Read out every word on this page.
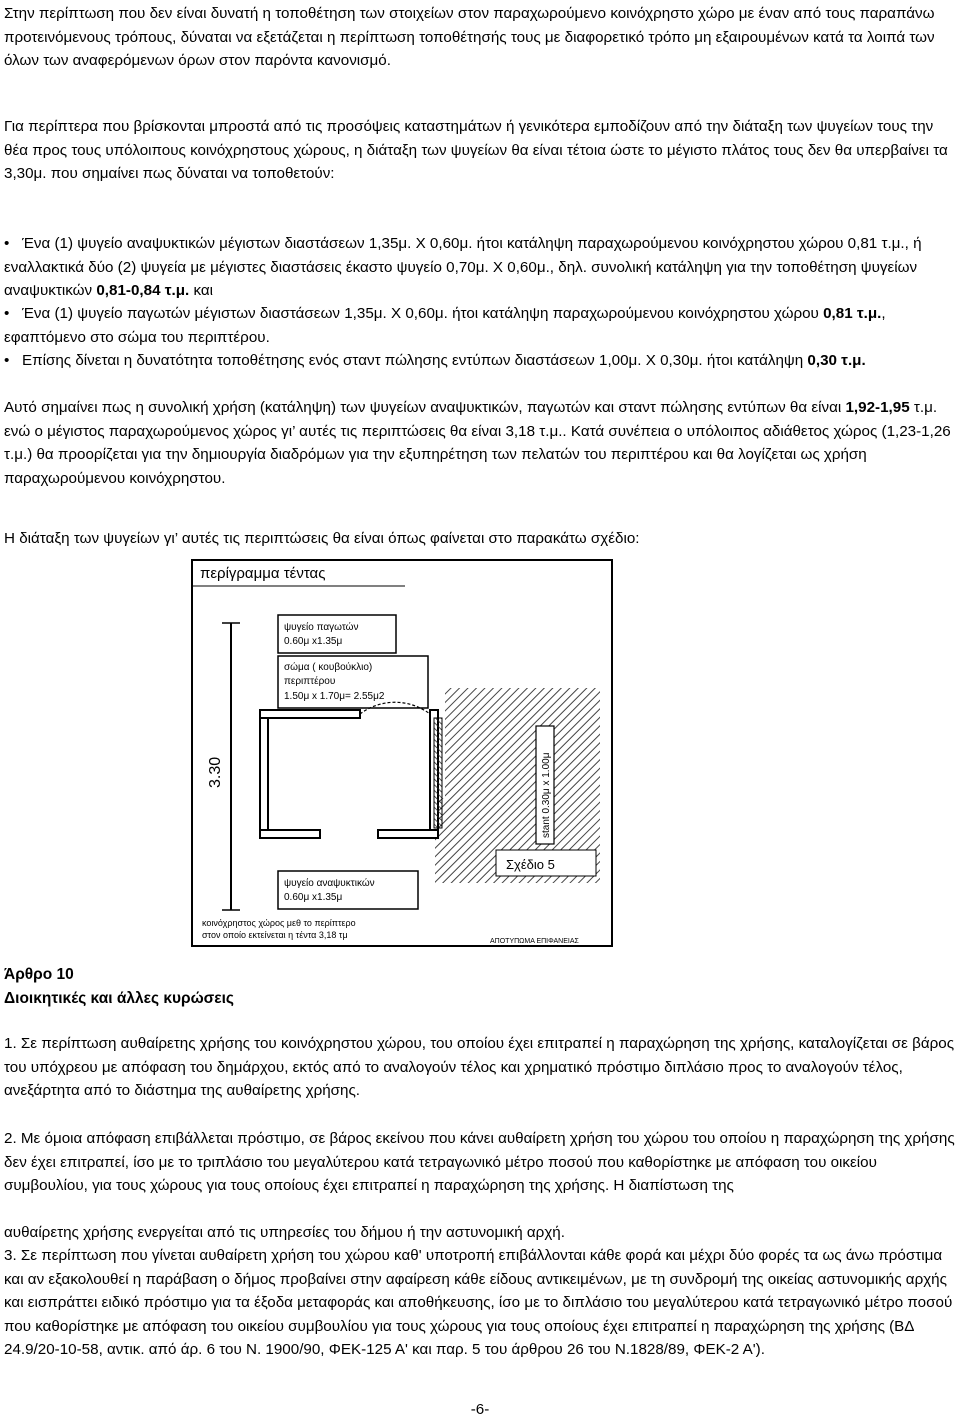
Στην περίπτωση που δεν είναι δυνατή η τοποθέτηση των στοιχείων στον παραχωρούμενο κοινόχρηστο χώρο με έναν από τους παραπάνω προτεινόμενους τρόπους, δύναται να εξετάζεται η περίπτωση τοποθέτησής τους με διαφορετικό τρόπο μη εξαιρουμένων κατά τα λοιπά των όλων των αναφερόμενων όρων στον παρόντα κανονισμό.

Για περίπτερα που βρίσκονται μπροστά από τις προσόψεις καταστημάτων ή γενικότερα εμποδίζουν από την διάταξη των ψυγείων τους την θέα προς τους υπόλοιπους κοινόχρηστους χώρους, η διάταξη των ψυγείων θα είναι τέτοια ώστε το μέγιστο πλάτος τους δεν θα υπερβαίνει τα 3,30μ. που σημαίνει πως δύναται να τοποθετούν:

• Ένα (1) ψυγείο αναψυκτικών μέγιστων διαστάσεων 1,35μ. Χ 0,60μ. ήτοι κατάληψη παραχωρούμενου κοινόχρηστου χώρου 0,81 τ.μ., ή εναλλακτικά δύο (2) ψυγεία με μέγιστες διαστάσεις έκαστο ψυγείο 0,70μ. Χ 0,60μ., δηλ. συνολική κατάληψη για την τοποθέτηση ψυγείων αναψυκτικών 0,81-0,84 τ.μ. και
• Ένα (1) ψυγείο παγωτών μέγιστων διαστάσεων 1,35μ. Χ 0,60μ. ήτοι κατάληψη παραχωρούμενου κοινόχρηστου χώρου 0,81 τ.μ., εφαπτόμενο στο σώμα του περιπτέρου.
• Επίσης δίνεται η δυνατότητα τοποθέτησης ενός σταντ πώλησης εντύπων διαστάσεων 1,00μ. Χ 0,30μ. ήτοι κατάληψη 0,30 τ.μ.

Αυτό σημαίνει πως η συνολική χρήση (κατάληψη) των ψυγείων αναψυκτικών, παγωτών και σταντ πώλησης εντύπων θα είναι 1,92-1,95 τ.μ. ενώ ο μέγιστος παραχωρούμενος χώρος γι’ αυτές τις περιπτώσεις θα είναι 3,18 τ.μ.. Κατά συνέπεια ο υπόλοιπος αδιάθετος χώρος (1,23-1,26 τ.μ.) θα προορίζεται για την δημιουργία διαδρόμων για την εξυπηρέτηση των πελατών του περιπτέρου και θα λογίζεται ως χρήση παραχωρούμενου κοινόχρηστου.

Η διάταξη των ψυγείων γι’ αυτές τις περιπτώσεις θα είναι όπως φαίνεται στο παρακάτω σχέδιο:

περίγραμμα τέντας
3.30
ψυγείο παγωτών
0.60μ x1.35μ
σώμα ( κουβούκλιο)
περιπτέρου
1.50μ x 1.70μ= 2.55μ2
stant 0.30μ x 1.00μ
Σχέδιο 5
ψυγείο αναψυκτικών
0.60μ x1.35μ
κοινόχρηστος χώρος μεθ το περίπτερο
στον οποίο εκτείνεται η τέντα 3,18 τμ
ΑΠΟΤΥΠΩΜΑ ΕΠΙΦΑΝΕΙΑΣ
Άρθρο 10
Διοικητικές και άλλες κυρώσεις

1. Σε περίπτωση αυθαίρετης χρήσης του κοινόχρηστου χώρου, του οποίου έχει επιτραπεί η παραχώρηση της χρήσης, καταλογίζεται σε βάρος του υπόχρεου με απόφαση του δημάρχου, εκτός από το αναλογούν τέλος και χρηματικό πρόστιμο διπλάσιο προς το αναλογούν τέλος, ανεξάρτητα από το διάστημα της αυθαίρετης χρήσης.

2. Με όμοια απόφαση επιβάλλεται πρόστιμο, σε βάρος εκείνου που κάνει αυθαίρετη χρήση του χώρου του οποίου η παραχώρηση της χρήσης δεν έχει επιτραπεί, ίσο με το τριπλάσιο του μεγαλύτερου κατά τετραγωνικό μέτρο ποσού που καθορίστηκε με απόφαση του οικείου συμβουλίου, για τους χώρους για τους οποίους έχει επιτραπεί η παραχώρηση της χρήσης. Η διαπίστωση της

αυθαίρετης χρήσης ενεργείται από τις υπηρεσίες του δήμου ή την αστυνομική αρχή.

3. Σε περίπτωση που γίνεται αυθαίρετη χρήση του χώρου καθ' υποτροπή επιβάλλονται κάθε φορά και μέχρι δύο φορές τα ως άνω πρόστιμα και αν εξακολουθεί η παράβαση ο δήμος προβαίνει στην αφαίρεση κάθε είδους αντικειμένων, με τη συνδρομή της οικείας αστυνομικής αρχής και εισπράττει ειδικό πρόστιμο για τα έξοδα μεταφοράς και αποθήκευσης, ίσο με το διπλάσιο του μεγαλύτερου κατά τετραγωνικό μέτρο ποσού που καθορίστηκε με απόφαση του οικείου συμβουλίου για τους χώρους για τους οποίους έχει επιτραπεί η παραχώρηση της χρήσης (ΒΔ 24.9/20-10-58, αντικ. από άρ. 6 του Ν. 1900/90, ΦΕΚ-125 Α' και παρ. 5 του άρθρου 26 του Ν.1828/89, ΦΕΚ-2 Α').

-6-
